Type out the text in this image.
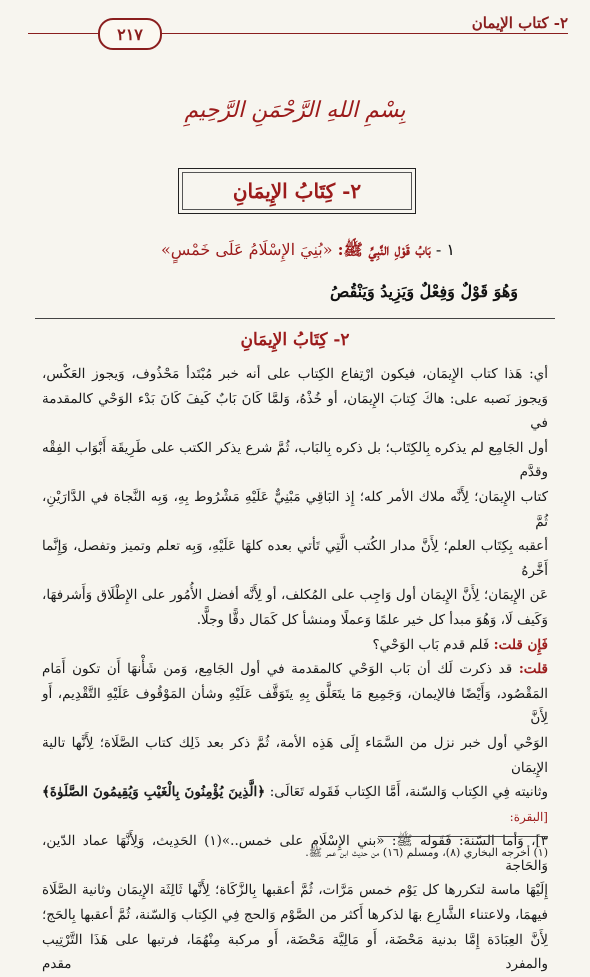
٢- كتاب الإيمان
٢١٧
بِسْمِ اللهِ الرَّحْمَنِ الرَّحِيمِ
٢- كِتَابُ الإِيمَانِ
١ - بَابُ قَوْلِ النَّبِيِّ ﷺ: «بُنِيَ الإِسْلَامُ عَلَى خَمْسٍ»
وَهُوَ قَوْلٌ وَفِعْلٌ وَيَزِيدُ وَيَنْقُصُ
٢- كِتَابُ الإِيمَانِ

أي: هَذا كتاب الإِيمَان، فيكون ارْتِفاع الكِتاب على أنه خبر مُبْتَدأ مَحْذُوف، وَيجوز العَكْس،

وَيجوز نَصبه على: هاكَ كِتابَ الإِيمَان، أو خُذْهُ، وَلمَّا كَانَ بَابٌ كَيفَ كَانَ بَدْء الوَحْي كالمقدمة في

أول الجَامِع لم يذكره بِالكِتَاب؛ بل ذكره بِالبَاب، ثُمَّ شرع يذكر الكتب على طَرِيقَة أَبْوَاب الفِقْه وقدَّم

كتاب الإِيمَان؛ لِأَنَّه ملاك الأمر كله؛ إِذ البَاقِي مَبْنِيٌّ عَلَيْهِ مَشْرُوط بِهِ، وَبِه النَّجاة في الدَّارَيْنِ، ثُمَّ

أعقبه بِكِتَاب العلم؛ لِأَنَّ مدار الكُتب الَّتِي تَأتي بعده كلهَا عَلَيْهِ، وَبِه تعلم وتميز وتفصل، وَإِنَّما أَخَّرهُ

عَن الإِيمَان؛ لِأَنَّ الإِيمَان أول وَاجِب على المُكلف، أو لِأَنَّه أفضل الأُمُور على الإِطْلَاق وَأَشرفهَا،

وَكَيف لَا، وَهُوَ مبدأ كل خير علمًا وَعملًا ومنشأ كل كَمَال دقًّا وجلًّا.

فَإِن قلت: فَلم قدم بَاب الوَحْي؟

قلت: قد ذكرت لَك أن بَاب الوَحْي كالمقدمة في أول الجَامِع، وَمن شَأْنهَا أَن تكون أَمَام

المَقْصُود، وَأَيْضًا فالإيمان، وَجَمِيع مَا يتَعَلَّق بِهِ يتَوَقَّف عَلَيْهِ وشأن المَوْقُوف عَلَيْهِ التَّقْدِيم، أَو لِأَنَّ

الوَحْي أول خبر نزل من السَّمَاء إِلَى هَذِه الأمة، ثُمَّ ذكر بعد ذَلِك كتاب الصَّلَاة؛ لِأَنَّها تالية الإِيمَان

وثانيته فِي الكِتاب وَالسّنة، أَمَّا الكِتاب فَقَوله تَعَالَى: ﴿الَّذِينَ يُؤْمِنُونَ بِالْغَيْبِ وَيُقِيمُونَ الصَّلَوٰةَ﴾ [البقرة:

٣]، وَأما السّنة: فَقَوله ﷺ: «بني الإِسْلَام على خمس..»(١) الحَدِيث، وَلِأَنَّهَا عماد الدّين، وَالحَاجة

إِلَيْهَا ماسة لتكررها كل يَوْم خمس مَرَّات، ثُمَّ أعقبها بِالزَّكَاة؛ لِأَنَّها ثَالِثَة الإِيمَان وثانية الصَّلَاة

فيهمَا، ولاعتناء الشَّارِع بهَا لذكرها أَكثر من الصَّوْم وَالحج فِي الكِتاب وَالسّنة، ثُمَّ أعقبها بِالحَج؛

لِأَنَّ العِبَادَة إِمَّا بدنية مَحْضَة، أَو مَالِيَّة مَحْضَة، أَو مركبة مِنْهُمَا، فرتبها على هَذَا التَّرْتِيب والمفرد مقدم

(١) أخرجه البخاري (٨)، ومسلم (١٦) من حديث ابن عمر ﷺ.
